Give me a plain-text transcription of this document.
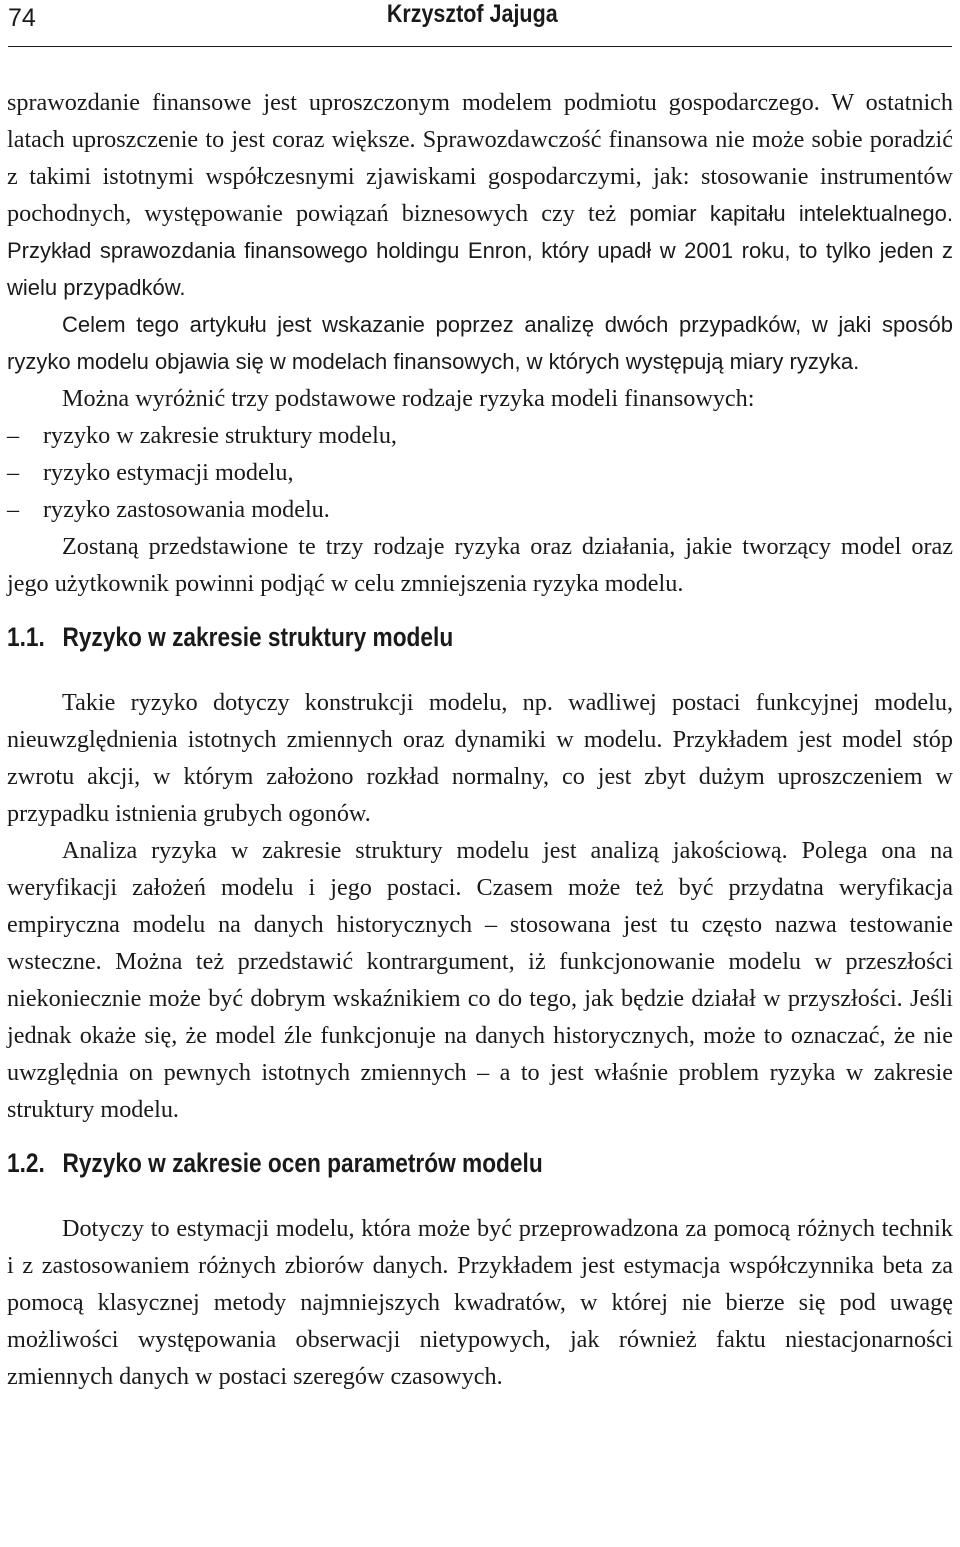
74	Krzysztof Jajuga

sprawozdanie finansowe jest uproszczonym modelem podmiotu gospodarczego. W ostatnich latach uproszczenie to jest coraz większe. Sprawozdawczość finansowa nie może sobie poradzić z takimi istotnymi współczesnymi zjawiskami gospodarczymi, jak: stosowanie instrumentów pochodnych, występowanie powiązań biznesowych czy też pomiar kapitału intelektualnego. Przykład sprawozdania finansowego holdingu Enron, który upadł w 2001 roku, to tylko jeden z wielu przypadków.

Celem tego artykułu jest wskazanie poprzez analizę dwóch przypadków, w jaki sposób ryzyko modelu objawia się w modelach finansowych, w których występują miary ryzyka.

Można wyróżnić trzy podstawowe rodzaje ryzyka modeli finansowych:

– ryzyko w zakresie struktury modelu,
– ryzyko estymacji modelu,
– ryzyko zastosowania modelu.

Zostaną przedstawione te trzy rodzaje ryzyka oraz działania, jakie tworzący model oraz jego użytkownik powinni podjąć w celu zmniejszenia ryzyka modelu.

1.1. Ryzyko w zakresie struktury modelu

Takie ryzyko dotyczy konstrukcji modelu, np. wadliwej postaci funkcyjnej modelu, nieuwzględnienia istotnych zmiennych oraz dynamiki w modelu. Przykładem jest model stóp zwrotu akcji, w którym założono rozkład normalny, co jest zbyt dużym uproszczeniem w przypadku istnienia grubych ogonów.

Analiza ryzyka w zakresie struktury modelu jest analizą jakościową. Polega ona na weryfikacji założeń modelu i jego postaci. Czasem może też być przydatna weryfikacja empiryczna modelu na danych historycznych – stosowana jest tu często nazwa testowanie wsteczne. Można też przedstawić kontrargument, iż funkcjonowanie modelu w przeszłości niekoniecznie może być dobrym wskaźnikiem co do tego, jak będzie działał w przyszłości. Jeśli jednak okaże się, że model źle funkcjonuje na danych historycznych, może to oznaczać, że nie uwzględnia on pewnych istotnych zmiennych – a to jest właśnie problem ryzyka w zakresie struktury modelu.

1.2. Ryzyko w zakresie ocen parametrów modelu

Dotyczy to estymacji modelu, która może być przeprowadzona za pomocą różnych technik i z zastosowaniem różnych zbiorów danych. Przykładem jest estymacja współczynnika beta za pomocą klasycznej metody najmniejszych kwadratów, w której nie bierze się pod uwagę możliwości występowania obserwacji nietypowych, jak również faktu niestacjonarności zmiennych danych w postaci szeregów czasowych.
